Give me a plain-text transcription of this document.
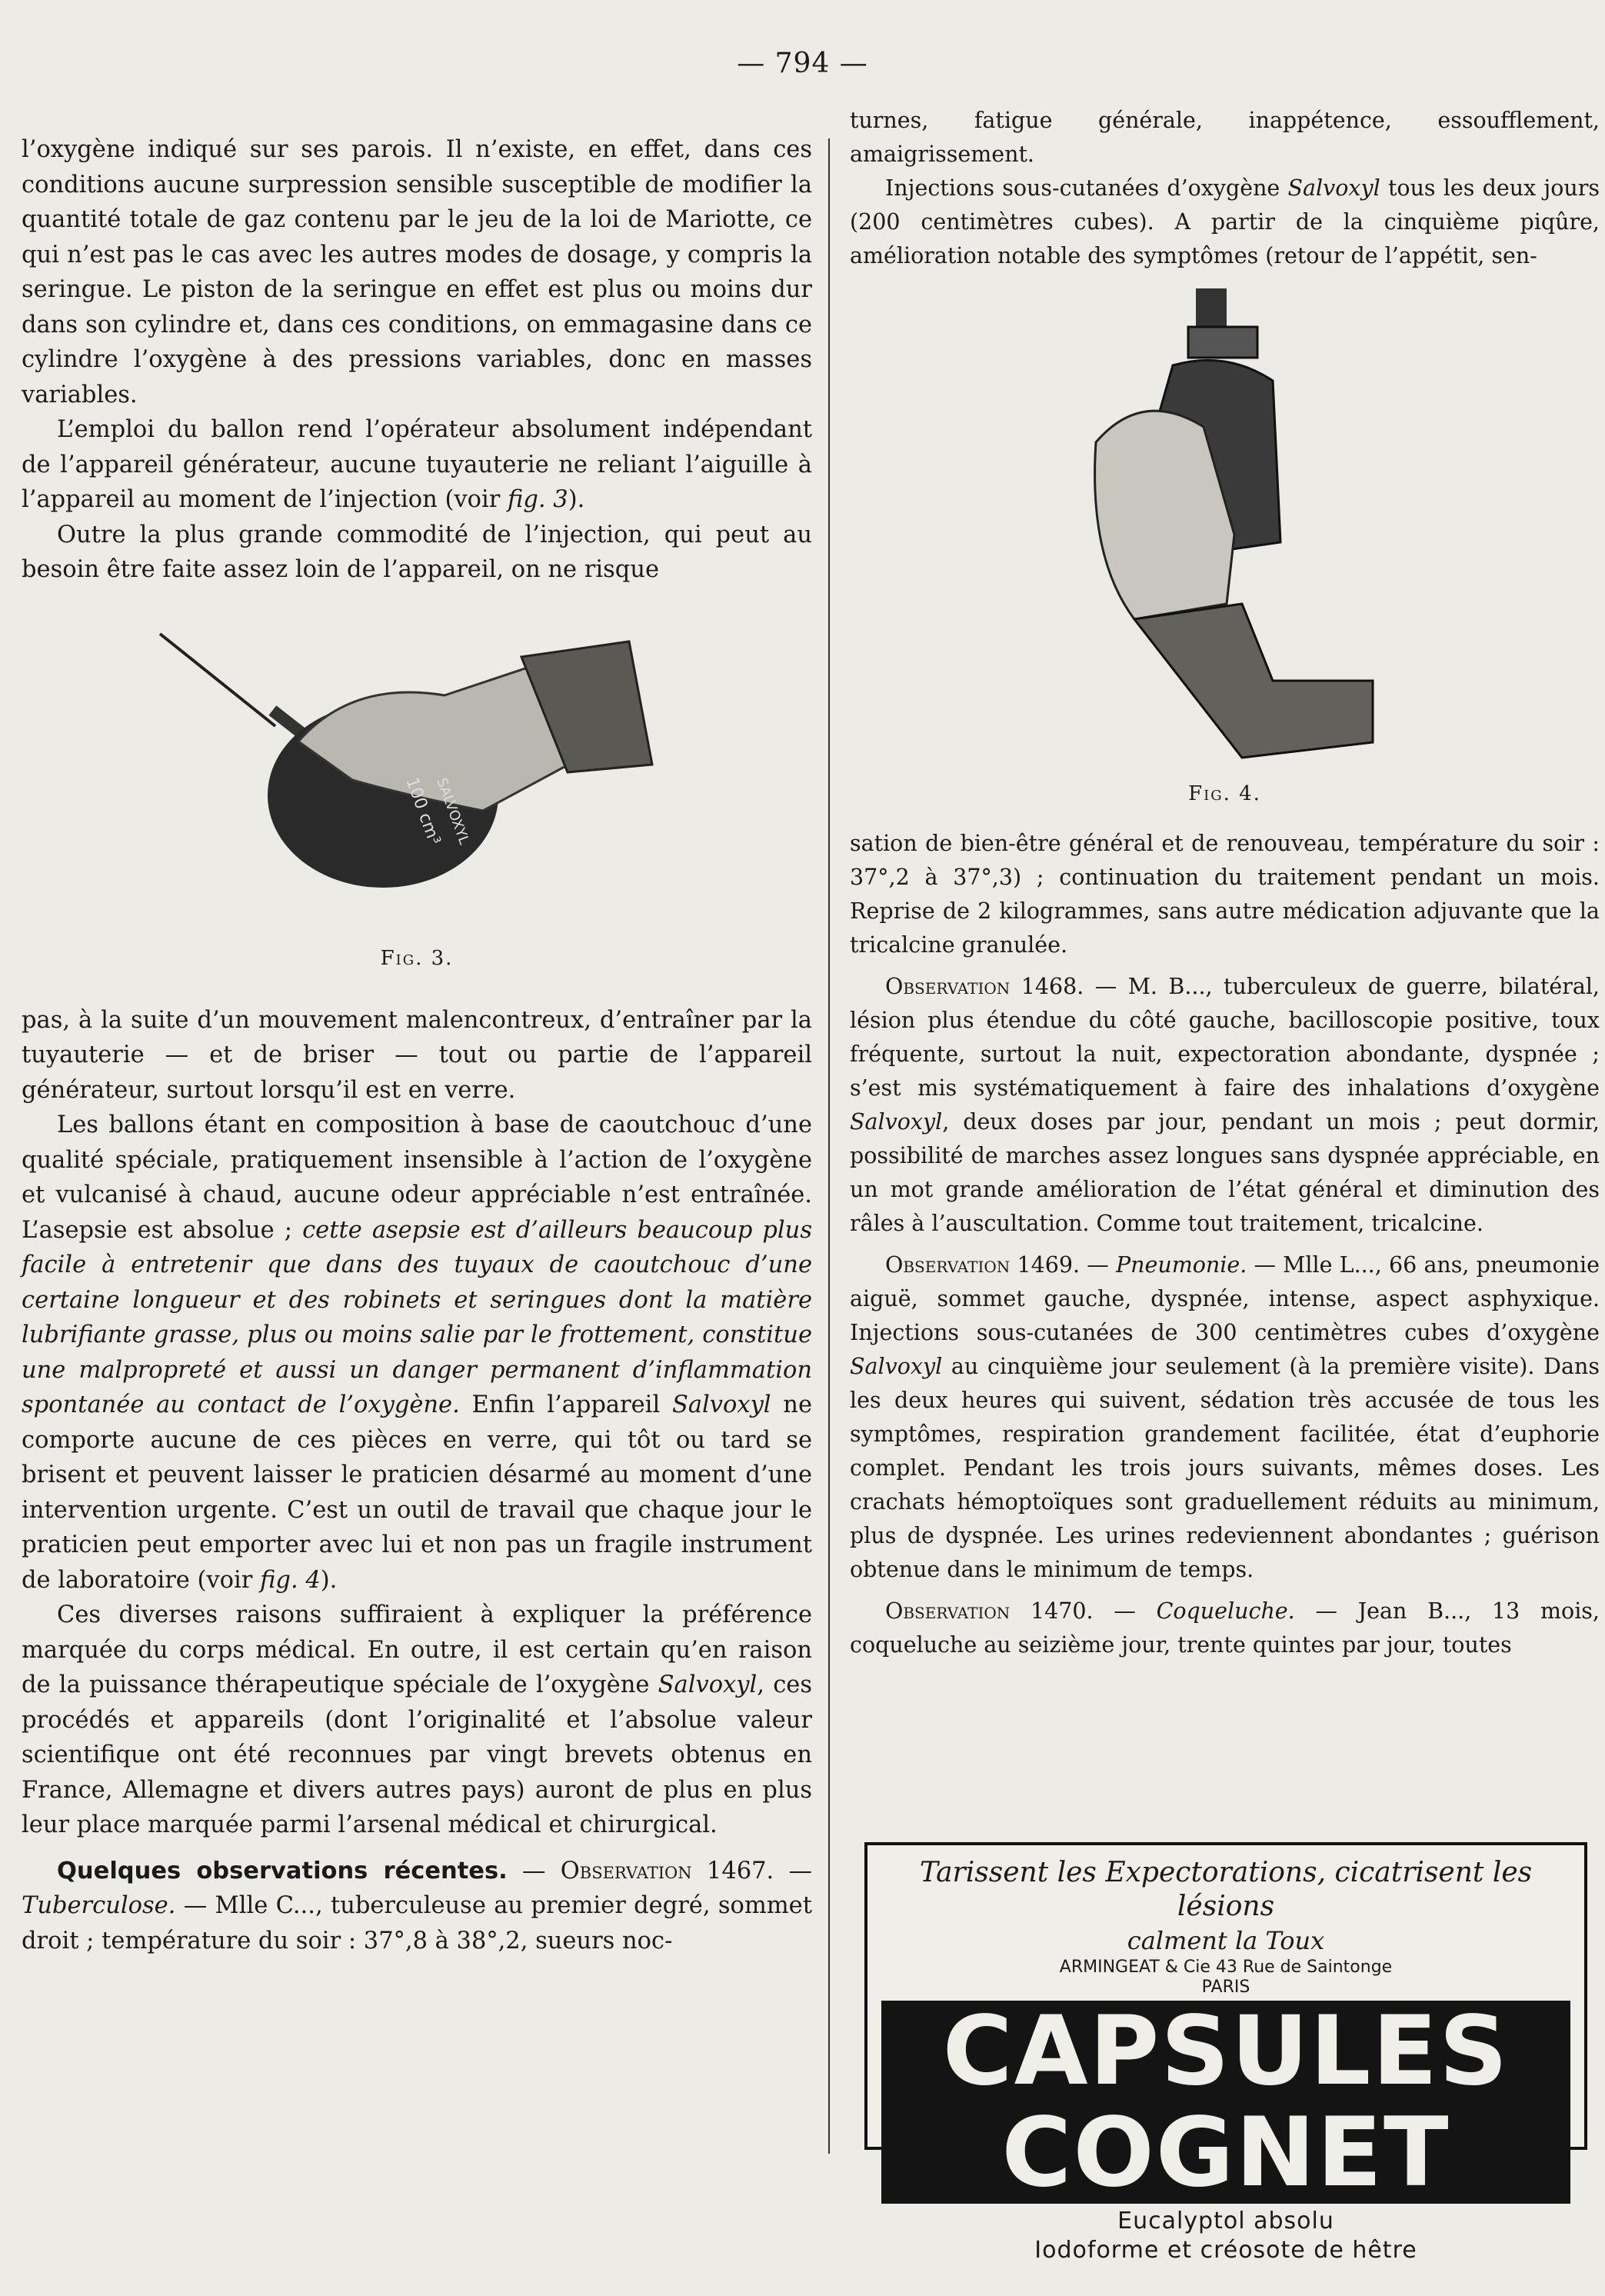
— 794 —

l’oxygène indiqué sur ses parois. Il n’existe, en effet, dans ces conditions aucune surpression sensible susceptible de modifier la quantité totale de gaz contenu par le jeu de la loi de Mariotte, ce qui n’est pas le cas avec les autres modes de dosage, y compris la seringue. Le piston de la seringue en effet est plus ou moins dur dans son cylindre et, dans ces conditions, on emmagasine dans ce cylindre l’oxygène à des pressions variables, donc en masses variables.

L’emploi du ballon rend l’opérateur absolument indépendant de l’appareil générateur, aucune tuyauterie ne reliant l’aiguille à l’appareil au moment de l’injection (voir fig. 3).

Outre la plus grande commodité de l’injection, qui peut au besoin être faite assez loin de l’appareil, on ne risque

100 cm³
SALVOXYL
Fig. 3.

pas, à la suite d’un mouvement malencontreux, d’entraîner par la tuyauterie — et de briser — tout ou partie de l’appareil générateur, surtout lorsqu’il est en verre.

Les ballons étant en composition à base de caoutchouc d’une qualité spéciale, pratiquement insensible à l’action de l’oxygène et vulcanisé à chaud, aucune odeur appréciable n’est entraînée. L’asepsie est absolue ; cette asepsie est d’ailleurs beaucoup plus facile à entretenir que dans des tuyaux de caoutchouc d’une certaine longueur et des robinets et seringues dont la matière lubrifiante grasse, plus ou moins salie par le frottement, constitue une malpropreté et aussi un danger permanent d’inflammation spontanée au contact de l’oxygène. Enfin l’appareil Salvoxyl ne comporte aucune de ces pièces en verre, qui tôt ou tard se brisent et peuvent laisser le praticien désarmé au moment d’une intervention urgente. C’est un outil de travail que chaque jour le praticien peut emporter avec lui et non pas un fragile instrument de laboratoire (voir fig. 4).

Ces diverses raisons suffiraient à expliquer la préférence marquée du corps médical. En outre, il est certain qu’en raison de la puissance thérapeutique spéciale de l’oxygène Salvoxyl, ces procédés et appareils (dont l’originalité et l’absolue valeur scientifique ont été reconnues par vingt brevets obtenus en France, Allemagne et divers autres pays) auront de plus en plus leur place marquée parmi l’arsenal médical et chirurgical.

Quelques observations récentes. — Observation 1467. — Tuberculose. — Mlle C..., tuberculeuse au premier degré, sommet droit ; température du soir : 37°,8 à 38°,2, sueurs noc-

turnes, fatigue générale, inappétence, essoufflement, amaigrissement.

Injections sous-cutanées d’oxygène Salvoxyl tous les deux jours (200 centimètres cubes). A partir de la cinquième piqûre, amélioration notable des symptômes (retour de l’appétit, sen-

Fig. 4.

sation de bien-être général et de renouveau, température du soir : 37°,2 à 37°,3) ; continuation du traitement pendant un mois. Reprise de 2 kilogrammes, sans autre médication adjuvante que la tricalcine granulée.

Observation 1468. — M. B..., tuberculeux de guerre, bilatéral, lésion plus étendue du côté gauche, bacilloscopie positive, toux fréquente, surtout la nuit, expectoration abondante, dyspnée ; s’est mis systématiquement à faire des inhalations d’oxygène Salvoxyl, deux doses par jour, pendant un mois ; peut dormir, possibilité de marches assez longues sans dyspnée appréciable, en un mot grande amélioration de l’état général et diminution des râles à l’auscultation. Comme tout traitement, tricalcine.

Observation 1469. — Pneumonie. — Mlle L..., 66 ans, pneumonie aiguë, sommet gauche, dyspnée, intense, aspect asphyxique. Injections sous-cutanées de 300 centimètres cubes d’oxygène Salvoxyl au cinquième jour seulement (à la première visite). Dans les deux heures qui suivent, sédation très accusée de tous les symptômes, respiration grandement facilitée, état d’euphorie complet. Pendant les trois jours suivants, mêmes doses. Les crachats hémoptoïques sont graduellement réduits au minimum, plus de dyspnée. Les urines redeviennent abondantes ; guérison obtenue dans le minimum de temps.

Observation 1470. — Coqueluche. — Jean B..., 13 mois, coqueluche au seizième jour, trente quintes par jour, toutes

Tarissent les Expectorations, cicatrisent les lésions
calment la Toux
ARMINGEAT & Cie 43 Rue de Saintonge
PARIS
CAPSULES COGNET
Eucalyptol absolu
Iodoforme et créosote de hêtre
